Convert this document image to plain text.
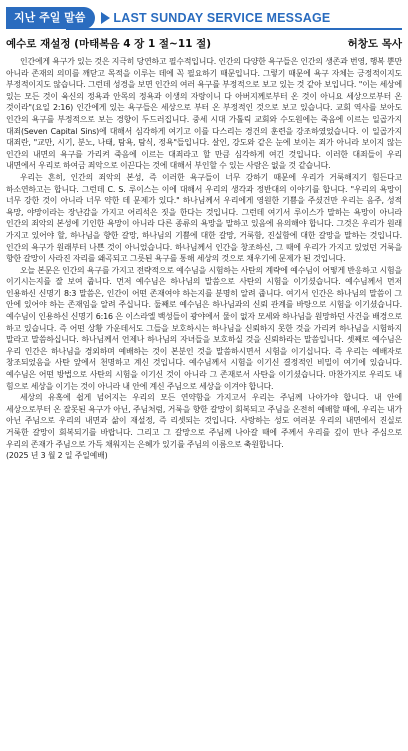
지난 주일 말씀	LAST SUNDAY SERVICE MESSAGE
예수로 재설정 (마태복음 4 장 1 절~11 절)	허창도 목사

인간에게 욕구가 있는 것은 지극히 당연하고 필수적입니다. 인간의 다양한 욕구들은 인간의 생존과 번영, 행복 뿐만 아니라 존재의 의미를 깨닫고 목적을 이루는 데에 꼭 필요하기 때문입니다. 그렇기 때문에 욕구 자체는 긍정적이지도 부정적이지도 않습니다. 그런데 성경을 보면 인간의 여러 욕구를 부정적으로 보고 있는 것 같아 보입니다. "이는 세상에 있는 모든 것이 육신의 정욕과 안목의 정욕과 이생의 자랑이니 다 아버지께로부터 온 것이 아니요 세상으로부터 온 것이라"(요일 2:16) 인간에게 있는 욕구들은 세상으로 부터 온 부정적인 것으로 보고 있습니다. 교회 역사를 보아도 인간의 욕구를 부정적으로 보는 경향이 두드러집니다. 중세 시대 가톨릭 교회와 수도원에는 죽음에 이르는 일곱가지 대죄(Seven Capital Sins)에 대해서 심각하게 여기고 이를 다스리는 경건의 훈련을 강조하였었습니다. 이 일곱가지 대죄란, "교만, 시기, 분노, 나태, 탐욕, 탐식, 정욕"들입니다. 살인, 강도와 같은 눈에 보이는 죄가 아니라 보이지 않는 인간의 내면의 욕구를 가리켜 죽음에 이르는 대죄라고 할 만큼 심각하게 여긴 것입니다. 이러한 대죄들이 우리 내면에서 우리로 하여금 죄악으로 이끈다는 것에 대해서 부인할 수 있는 사람은 없을 것 같습니다.

우리는 흔히, 인간의 죄악의 본성, 즉 이러한 욕구들이 너무 강하기 때문에 우리가 거룩해지기 힘든다고 하소연하고는 합니다. 그런데 C. S. 루이스는 이에 대해서 우리의 생각과 정반대의 이야기를 합니다. "우리의 욕망이 너무 강한 것이 아니라 너무 약한 데 문제가 있다." 하나님께서 우리에게 영원한 기쁨을 주셨건만 우리는 음주, 성적 욕망, 야망이라는 장난감을 가지고 어리석은 짓을 한다는 것입니다. 그런데 여기서 루이스가 말하는 욕망이 아니라 인간의 죄악의 본성에 기인한 욕망이 아니라 다른 종류의 욕망을 말하고 있음에 유의해야 합니다. 그것은 우리가 원래 가지고 있어야 할, 하나님을 향한 갈망, 하나님의 기쁨에 대한 갈망, 거룩함, 진실함에 대한 갈망을 말하는 것입니다. 인간의 욕구가 원래부터 나쁜 것이 아니었습니다. 하나님께서 인간을 창조하신, 그 때에 우리가 가지고 있었던 거룩을 향한 갈망이 사라진 자리를 왜곡되고 그릇된 욕구를 통해 세상의 것으로 채우기에 문제가 된 것입니다.

오늘 본문은 인간의 욕구를 가지고 전략적으로 예수님을 시험하는 사탄의 계략에 예수님이 어떻게 반응하고 시험을 이기시는지를 잘 보여 줍니다. 먼저 예수님은 하나님의 말씀으로 사탄의 시험을 이기셨습니다. 예수님께서 먼저 인용하신 신명기 8:3 말씀은, 인간이 어떤 존재여야 하는지를 분명히 알려 줍니다. 여기서 인간은 하나님의 말씀이 그 안에 있어야 하는 존재임을 알려 주십니다. 둘째로 예수님은 하나님과의 신뢰 관계를 바탕으로 시험을 이기셨습니다. 예수님이 인용하신 신명기 6:16 은 이스라엘 백성들이 광야에서 물이 없자 모세와 하나님을 원망하던 사건을 배경으로 하고 있습니다. 즉 어떤 상황 가운데서도 그들을 보호하시는 하나님을 신뢰하지 못한 것을 가리켜 하나님을 시험하지 말라고 말씀하십니다. 하나님께서 언제나 하나님의 자녀들을 보호하실 것을 신뢰하라는 말씀입니다. 셋째로 예수님은 우리 인간은 하나님을 경외하며 예배하는 것이 본분인 것을 말씀하시면서 시험을 이기십니다. 즉 우리는 예배자로 창조되었음을 사탄 앞에서 천명하고 계신 것입니다. 예수님께서 시험을 이기신 결정적인 비밀이 여기에 있습니다. 예수님은 어떤 방법으로 사탄의 시험을 이기신 것이 아니라 그 존재로서 사탄을 이기셨습니다. 마찬가지로 우리도 내 힘으로 세상을 이기는 것이 아니라 내 안에 계신 주님으로 세상을 이겨야 합니다.

세상의 유혹에 쉽게 넘어지는 우리의 모든 연약함을 가지고서 우리는 주님께 나아가야 합니다. 내 안에 세상으로부터 온 잘못된 욕구가 아닌, 주님처럼, 거룩을 향한 갈망이 회복되고 주님을 온전히 예배할 때에, 우리는 내가 아닌 주님으로 우리의 내면과 삶이 재설정, 즉 리셋되는 것입니다. 사랑하는 성도 여러분 우리의 내면에서 진실로 거룩한 갈망이 회복되기를 바랍니다. 그리고 그 갈망으로 주님께 나아갈 때에 주께서 우리를 깊이 만나 주심으로 우리의 존재가 주님으로 가득 채워지는 은혜가 있기를 주님의 이름으로 축원합니다.

(2025 년 3 월 2 일 주일예배)
